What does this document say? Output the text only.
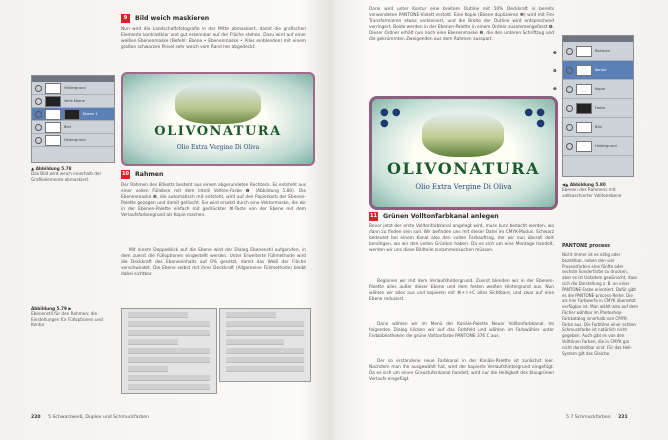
9	Bild weich maskieren

Nun wird die Landschaftsfotografie in der Mitte abmaskiert, damit die grafischen Elemente kontrastklar und gut erkennbar auf der Fläche stehen. Dazu wird auf einer weißen Ebenenmaske (Befehl: Ebene • Ebenenmaske • Alles einblenden) mit einem großen schwarzen Pinsel sehr weich vom Rand her abgedeckt.

Hintergrund
Vertr.Ebene
Ebene 1
Bild
Hintergrund
OLIVONATURA
Olio Extra Vergine Di Oliva
▲ Abbildung 5.78
Das Bild wird weich innerhalb der Grafikelemente abmaskiert.
10 Rahmen

Der Rahmen des Etiketts besteht aus einem abgerundeten Rechteck. Es entsteht aus einer vollen Fülleben mit dem Intelli Vollton-Farbe ❶ (Abbildung 5.80). Die Ebenenmaske ❷, die automatisch mit entsteht, wird auf den Papierkorb der Ebenen-Palette gezogen und damit gelöscht. Sie wird ersetzt durch eine Vektormaske, die wir in der Ebenen-Palette einfach mit gedrückter ⌘-Taste von der Ebene mit dem Verlaufsfarbengrund als Kopie machen.

Mit einem Doppelklick auf die Ebene wird der Dialog Ebenenstil aufgerufen, in dem zuerst die Fülloptionen eingestellt werden. Unter Erweiterte Füllmethode wird die Deckkraft des Ebeneninhalts auf 0% gesetzt, damit das Weiß der Fläche verschwindet. Die Ebene selbst mit ihrer Deckkraft (Allgemeine Füllmethode) bleibt dabei sichtbar.

Abbildung 5.79 ▶
Ebenenstil für den Rahmen: die Einstellungen für Fülloptionen und Kontur
220 5 Schwarzweiß, Duplex und Schmuckfarben

Dann wird unter Kontur eine breitere Outline mit 50% Deckkraft in bereits verwendeten PANTONE-Violett erstellt. Eine Kopie (Ebene duplizieren ❸) wird mit Frei Transformieren etwas verkleinert, und die Breite der Outline wird entsprechend verringert. Beide werden in der Ebenen-Palette in einem Ordner zusammengefasst ❹. Dieser Ordner erhält nun noch eine Ebenenmaske ❺, die den unteren Schriftzug und die gekrümmten Zweigenden aus dem Rahmen ausspart.

● ● ●
● ● ●
OLIVONATURA
Olio Extra Vergine Di Oliva
Rahmen
Kontur
Kopie
Farbe
Bild
Hintergrund
❸
❹
❺
◀▲ Abbildung 5.80
Ebenen des Rahmens mit vollkaschierter Volltonebene
11 Grünen Volltonfarbkanal anlegen

Bevor jetzt der erste Volltonfarbkanal angelegt wird, muss kurz bedacht werden, wo dann zu finden sein soll. Wir befinden uns mit dieser Datei im CMYK-Modus. Schwarz bedeutet bei einem Kanal also den vollen Farbauftrag, der wir nun überall dort benötigen, wo wir den vollen Grünton haben. Da es sich um eine Montage handelt, werden wir uns diese Bildteile zusammensuchen müssen.

Beginnen wir mit dem Verlaufshintergrund. Zuerst blenden wir in der Ebenen-Palette alles außer dieser Ebene und dem festen weißen Hintergrund aus. Nun wählen wir alles aus und kopieren mit ⌘+⇧+C alles Sichtbare, und zwar auf eine Ebene reduziert.

Dann wählen wir im Menü der Kanäle-Palette Neuer Volltonfarbkanal. Im folgenden Dialog klicken wir auf das Farbfeld und wählen im Farbwähler unter Farbbibliotheken die grüne Volltonfarbe PANTONE 376 C aus.

Der so erstandene neue Farbkanal in der Kanäle-Palette ist zunächst leer. Nachdem man ihn ausgewählt hat, wird der kopierte Verlaufshintergrund eingefügt. Da es sich um einen Graustufenkanal handelt, wird nur die Helligkeit des blaugrünen Verlaufs eingefügt.

PANTONE process

Nicht immer ist es nötig oder bezahlbar, neben den vier Prozessfarben eine fünfte oder sechste Sonderfarbe zu drucken, aber es ist trotzdem gewünscht, dass sich die Darstellung z. B. an einer PANTONE-Farbe orientiert. Dafür gibt es die PANTONE-process-Reihe. Die als hier Farbwerte in CMYK übersetzt verfügbar ist. Man wählt also auf dem Fächer wählbar im Photoshop-Farbkatalog innerhalb von CMYK-Farbe aus. Die Farbtöne einer echten Schmuckfarbe ist natürlich nicht gegeben. Auch gibt es von den Volltönen Farben, die in CMYK gar nicht darstellbar sind. Für das Hell-System gilt das Gleiche.

5.7 Schmuckfarben 221
